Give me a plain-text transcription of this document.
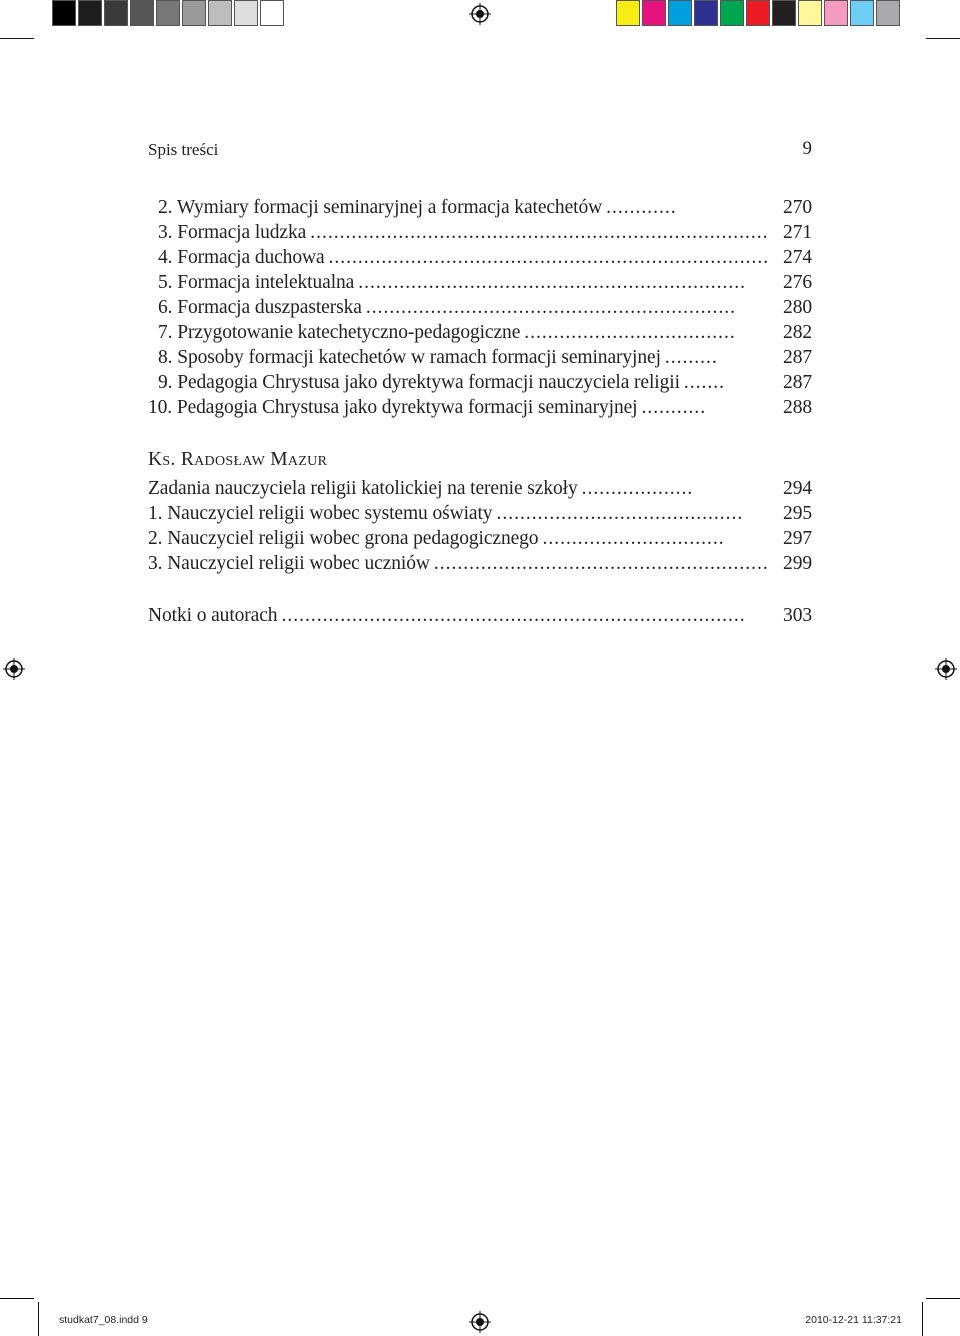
Spis treści	9
2. Wymiary formacji seminaryjnej a formacja katechetów ............	270
3. Formacja ludzka .............................................................................. 271
4. Formacja duchowa ........................................................................... 274
5. Formacja intelektualna ..................................................................	276
6. Formacja duszpasterska ...............................................................	280
7. Przygotowanie katechetyczno-pedagogiczne ....................................	282
8. Sposoby formacji katechetów w ramach formacji seminaryjnej .........	287
9. Pedagogia Chrystusa jako dyrektywa formacji nauczyciela religii .......	287
10. Pedagogia Chrystusa jako dyrektywa formacji seminaryjnej ...........	288
Ks. Radosław Mazur
Zadania nauczyciela religii katolickiej na terenie szkoły ...................	294
1. Nauczyciel religii wobec systemu oświaty ..........................................	295
2. Nauczyciel religii wobec grona pedagogicznego ...............................	297
3. Nauczyciel religii wobec uczniów ......................................................... 299
Notki o autorach ...............................................................................	303
studkat7_08.indd 9	2010-12-21 11:37:21
